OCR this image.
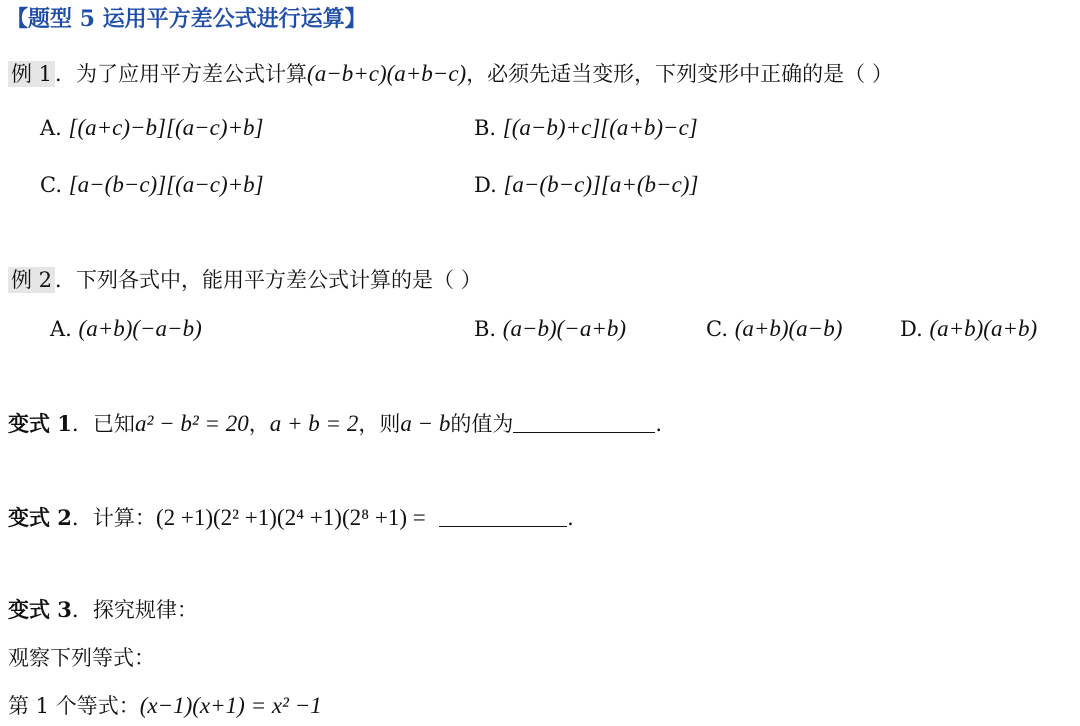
【题型 5 运用平方差公式进行运算】
例 1 ．为了应用平方差公式计算(a−b+c)(a+b−c)，必须先适当变形，下列变形中正确的是（ ）
A. [(a+c)−b][(a−c)+b]	B. [(a−b)+c][(a+b)−c]
C. [a−(b−c)][(a−c)+b]	D. [a−(b−c)][a+(b−c)]
例 2 ．下列各式中，能用平方差公式计算的是（ ）
A. (a+b)(−a−b)	B. (a−b)(−a+b)	C. (a+b)(a−b)	D. (a+b)(a+b)
变式 1．已知a² − b² = 20，a + b = 2，则a − b的值为	.
变式 2．计算：(2 +1)(2² +1)(2⁴ +1)(2⁸ +1) =	.
变式 3．探究规律：
观察下列等式：
第 1 个等式：(x−1)(x+1) = x² −1
